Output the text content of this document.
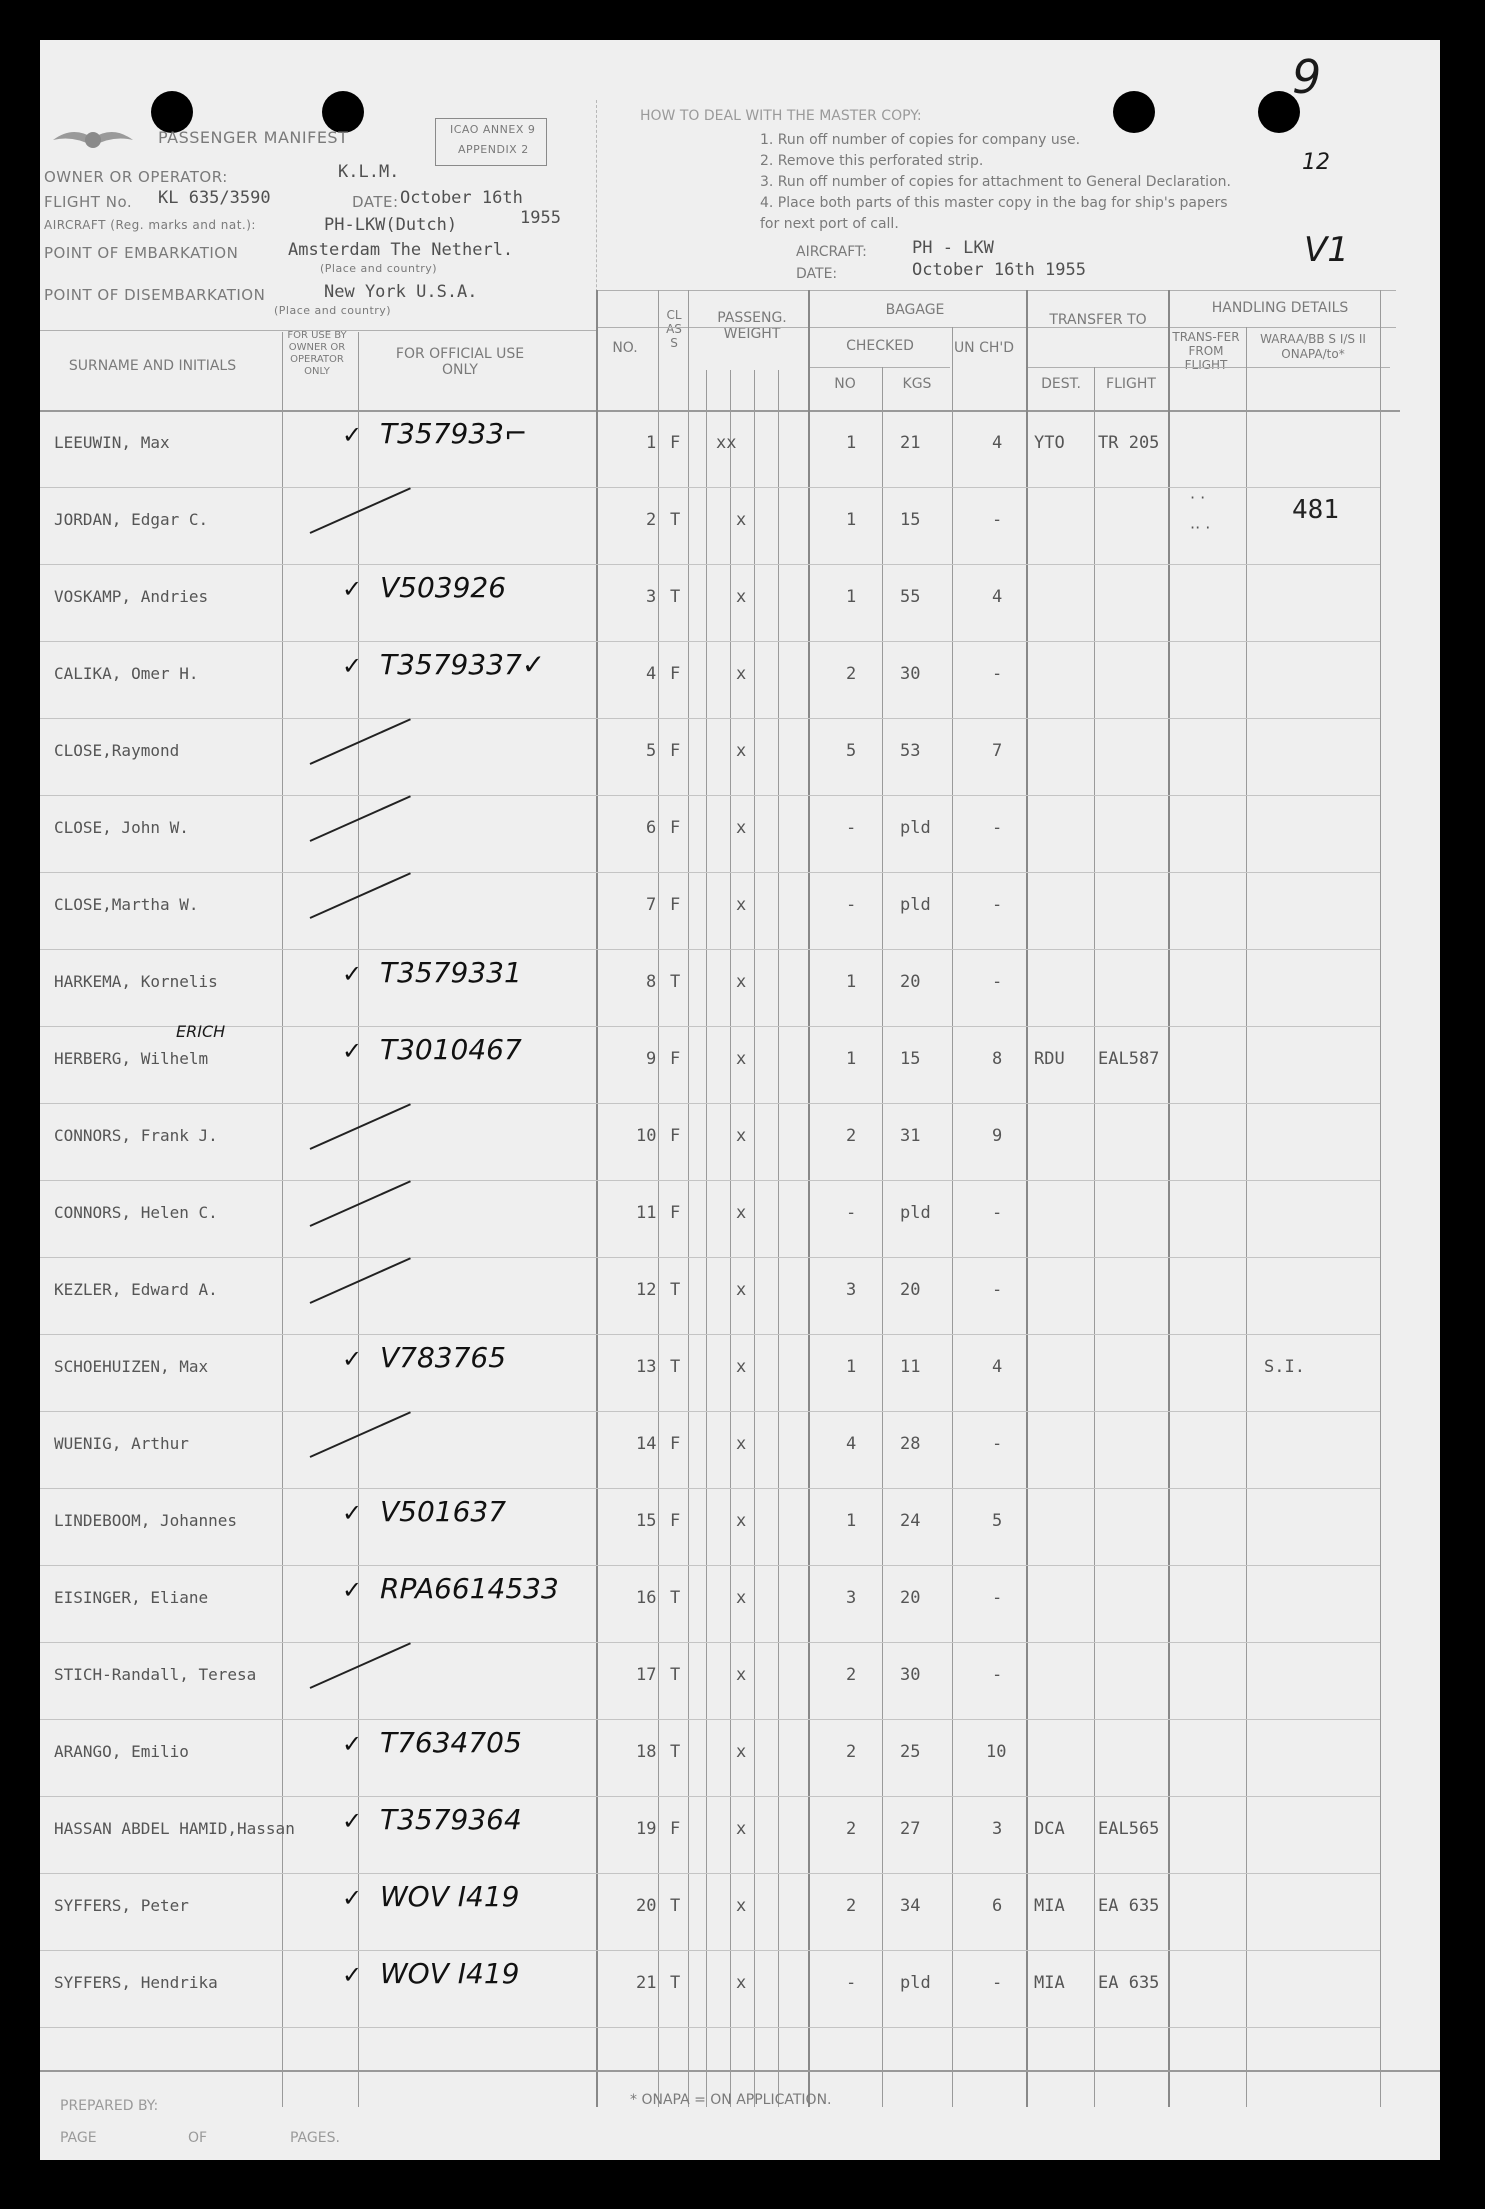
9
12
V1
PASSENGER MANIFEST	ICAO ANNEX 9
APPENDIX 2
OWNER OR OPERATOR:	K.L.M.
FLIGHT No. KL 635/3590	DATE: October 16th
AIRCRAFT (Reg. marks and nat.):	PH-LKW(Dutch)	1955
POINT OF EMBARKATION	Amsterdam The Netherl.
(Place and country)
POINT OF DISEMBARKATION	New York U.S.A.
(Place and country)
HOW TO DEAL WITH THE MASTER COPY:
1. Run off number of copies for company use.
2. Remove this perforated strip.
3. Run off number of copies for attachment to General Declaration.
4. Place both parts of this master copy in the bag for ship's papers
for next port of call.
AIRCRAFT:	PH - LKW
DATE:	October 16th 1955
SURNAME AND INITIALS
FOR USE BY OWNER OR OPERATOR ONLY
FOR OFFICIAL USE ONLY
NO.
CLASS
PASSENG. WEIGHT
BAGAGE
CHECKED
NO	KGS
UN CH'D
TRANSFER TO
DEST.	FLIGHT
HANDLING DETAILS
TRANS-FER FROM FLIGHT
WARAA/BB S I/S II ONAPA/to*
481
· ·
·· ·
ERICH
LEEUWIN, Max	✓ T357933⌐	1 F xx	1	21	4 YTO TR 205
JORDAN, Edgar C.	2 T	x	1	15	-
VOSKAMP, Andries	✓ V503926	3 T	x	1	55	4
CALIKA, Omer H.	✓ T3579337✓	4 F	x	2	30	-
CLOSE,Raymond	5 F	x	5	53	7
CLOSE, John W.	6 F	x	-	pld	-
CLOSE,Martha W.	7 F	x	-	pld	-
HARKEMA, Kornelis	✓ T3579331	8 T	x	1	20	-
HERBERG, Wilhelm	✓ T3010467	9 F	x	1	15	8 RDU EAL587
CONNORS, Frank J.	10 F	x	2	31	9
CONNORS, Helen C.	11 F	x	-	pld	-
KEZLER, Edward A.	12 T	x	3	20	-
SCHOEHUIZEN, Max	✓ V783765	13 T	x	1	11	4	S.I.
WUENIG, Arthur	14 F	x	4	28	-
LINDEBOOM, Johannes	✓ V501637	15 F	x	1	24	5
EISINGER, Eliane	✓ RPA6614533	16 T	x	3	20	-
STICH-Randall, Teresa	17 T	x	2	30	-
ARANGO, Emilio	✓ T7634705	18 T	x	2	25	10
HASSAN ABDEL HAMID,Hassan ✓ T3579364	19 F	x	2	27	3 DCA EAL565
SYFFERS, Peter	✓ WOV I419	20 T	x	2	34	6 MIA EA 635
SYFFERS, Hendrika	✓ WOV I419	21 T	x	-	pld	- MIA EA 635
* ONAPA = ON APPLICATION.
PREPARED BY:
PAGE	OF	PAGES.
